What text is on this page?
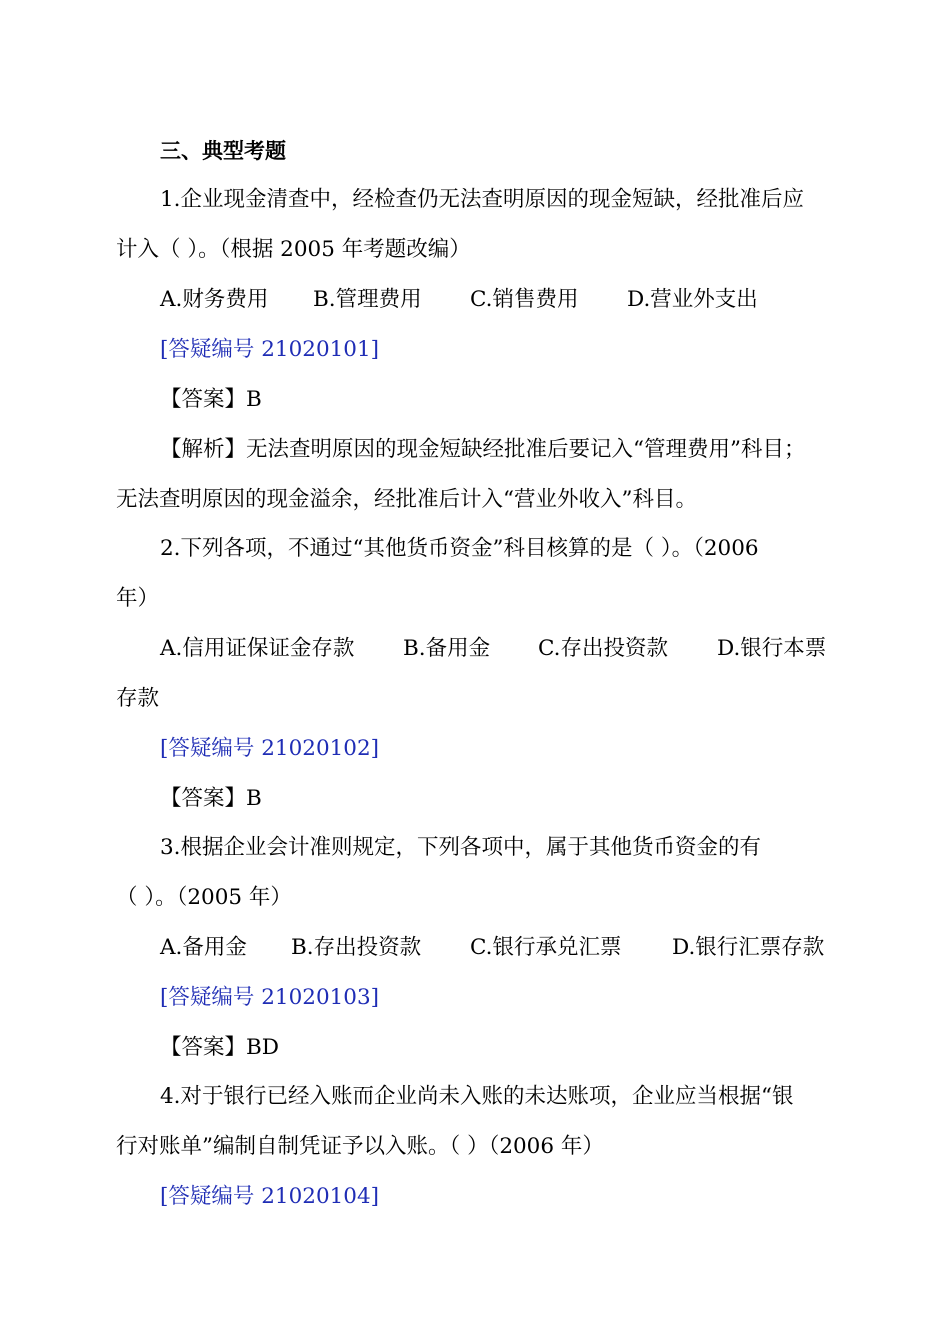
三、典型考题
1.企业现金清查中，经检查仍无法查明原因的现金短缺，经批准后应
计入（ ）。（根据 2005 年考题改编）
A.财务费用 B.管理费用 C.销售费用 D.营业外支出
[答疑编号 21020101]
【答案】B
【解析】无法查明原因的现金短缺经批准后要记入“管理费用”科目；
无法查明原因的现金溢余，经批准后计入“营业外收入”科目。
2.下列各项，不通过“其他货币资金”科目核算的是（ ）。（2006
年）
A.信用证保证金存款 B.备用金 C.存出投资款 D.银行本票
存款
[答疑编号 21020102]
【答案】B
3.根据企业会计准则规定，下列各项中，属于其他货币资金的有
（ ）。（2005 年）
A.备用金 B.存出投资款 C.银行承兑汇票 D.银行汇票存款
[答疑编号 21020103]
【答案】BD
4.对于银行已经入账而企业尚未入账的未达账项，企业应当根据“银
行对账单”编制自制凭证予以入账。（ ）（2006 年）
[答疑编号 21020104]
